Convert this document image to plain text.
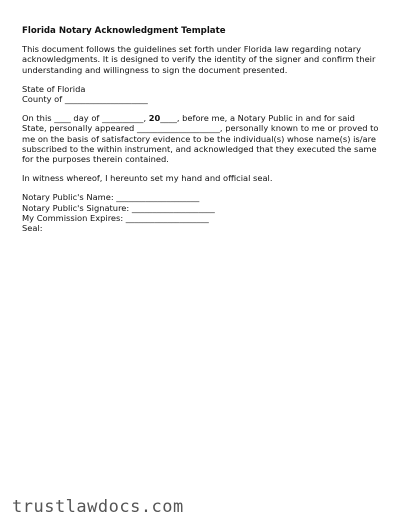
Florida Notary Acknowledgment Template

This document follows the guidelines set forth under Florida law regarding notary acknowledgments. It is designed to verify the identity of the signer and confirm their understanding and willingness to sign the document presented.

State of Florida
County of ____________________

On this ____ day of __________, 20____, before me, a Notary Public in and for said State, personally appeared ____________________, personally known to me or proved to me on the basis of satisfactory evidence to be the individual(s) whose name(s) is/are subscribed to the within instrument, and acknowledged that they executed the same for the purposes therein contained.

In witness whereof, I hereunto set my hand and official seal.

Notary Public's Name: ____________________
Notary Public's Signature: ____________________
My Commission Expires: ____________________
Seal:
trustlawdocs.com
